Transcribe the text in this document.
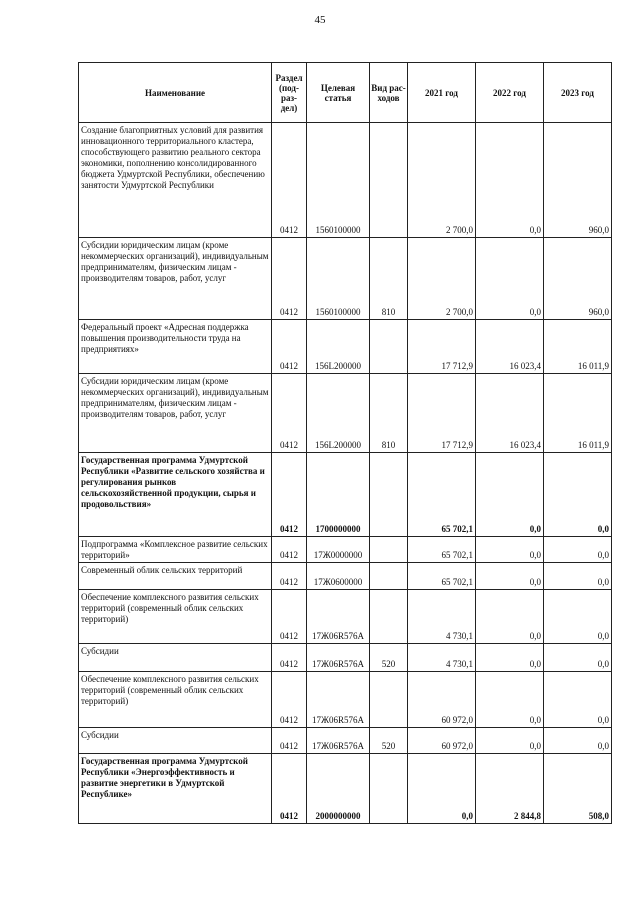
45
Наименование	Раздел (под-раз-дел)	Целевая статья	Вид рас-ходов	2021 год	2022 год	2023 год
Создание благоприятных условий для развития инновационного территориального кластера, способствующего развитию реального сектора экономики, пополнению консолидированного бюджета Удмуртской Республики, обеспечению занятости Удмуртской Республики	0412	1560100000		2 700,0	0,0	960,0
Субсидии юридическим лицам (кроме некоммерческих организаций), индивидуальным предпринимателям, физическим лицам - производителям товаров, работ, услуг	0412	1560100000	810	2 700,0	0,0	960,0
Федеральный проект «Адресная поддержка повышения производительности труда на предприятиях»	0412	156L200000		17 712,9	16 023,4	16 011,9
Субсидии юридическим лицам (кроме некоммерческих организаций), индивидуальным предпринимателям, физическим лицам - производителям товаров, работ, услуг	0412	156L200000	810	17 712,9	16 023,4	16 011,9
Государственная программа Удмуртской Республики «Развитие сельского хозяйства и регулирования рынков сельскохозяйственной продукции, сырья и продовольствия»	0412	1700000000		65 702,1	0,0	0,0
Подпрограмма «Комплексное развитие сельских территорий»	0412	17Ж0000000		65 702,1	0,0	0,0
Современный облик сельских территорий	0412	17Ж0600000		65 702,1	0,0	0,0
Обеспечение комплексного развития сельских территорий (современный облик сельских территорий)	0412	17Ж06R576A		4 730,1	0,0	0,0
Субсидии	0412	17Ж06R576A	520	4 730,1	0,0	0,0
Обеспечение комплексного развития сельских территорий (современный облик сельских территорий)	0412	17Ж06R576A		60 972,0	0,0	0,0
Субсидии	0412	17Ж06R576A	520	60 972,0	0,0	0,0
Государственная программа Удмуртской Республики «Энергоэффективность и развитие энергетики в Удмуртской Республике»	0412	2000000000		0,0	2 844,8	508,0
